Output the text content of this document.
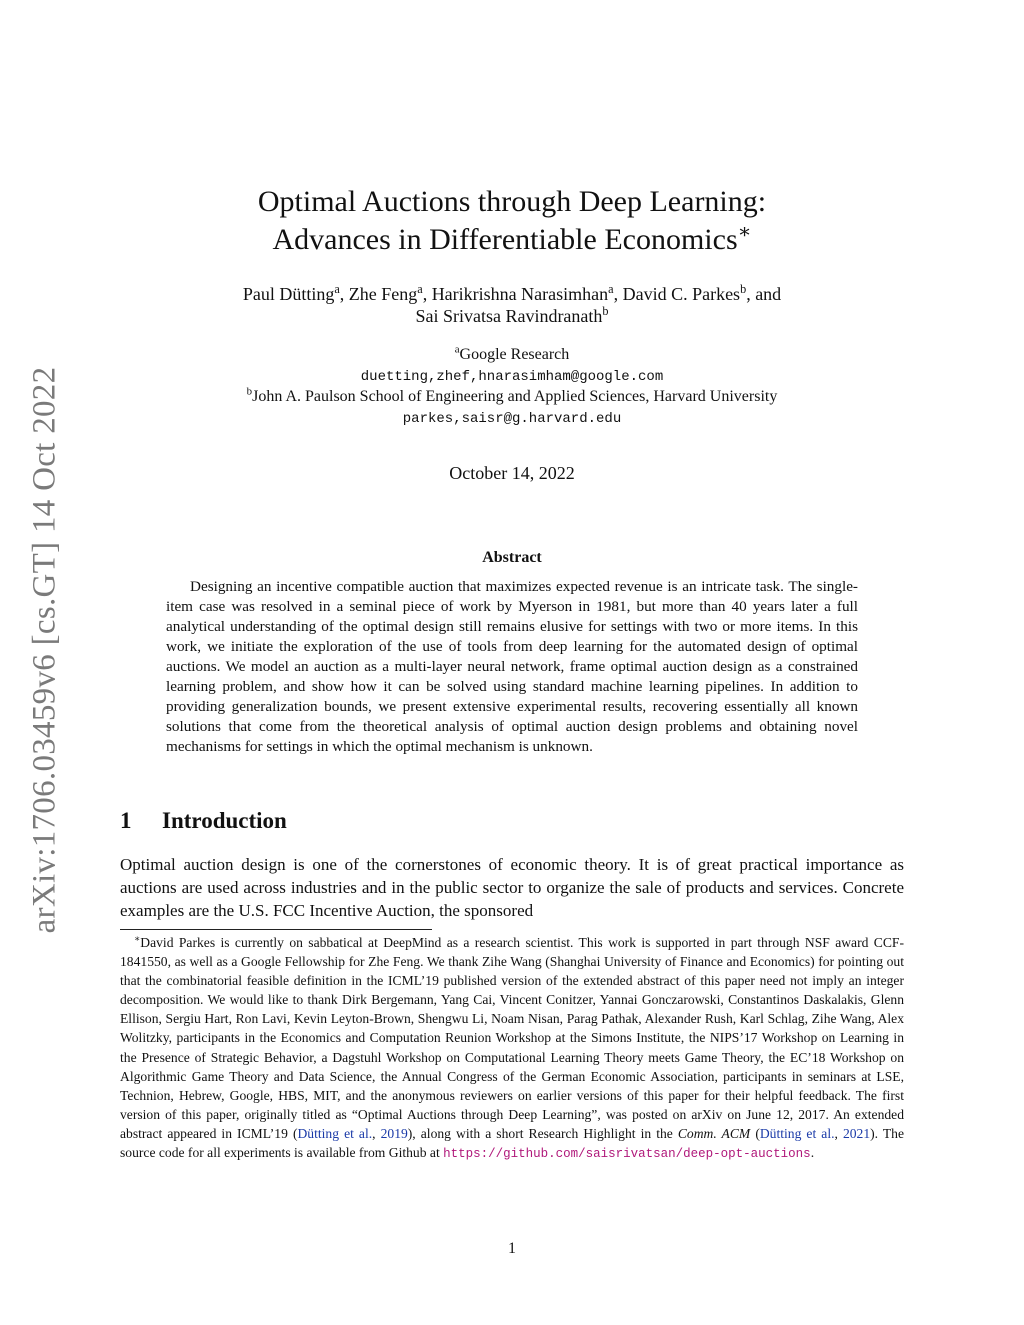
arXiv:1706.03459v6 [cs.GT] 14 Oct 2022
Optimal Auctions through Deep Learning:
Advances in Differentiable Economics∗
Paul Dütting$^a$, Zhe Feng$^a$, Harikrishna Narasimhan$^a$, David C. Parkes$^b$, and
Sai Srivatsa Ravindranath$^b$
$^a$Google Research
duetting,zhef,hnarasimham@google.com
$^b$John A. Paulson School of Engineering and Applied Sciences, Harvard University
parkes,saisr@g.harvard.edu
October 14, 2022
Abstract

Designing an incentive compatible auction that maximizes expected revenue is an intricate task. The single-item case was resolved in a seminal piece of work by Myerson in 1981, but more than 40 years later a full analytical understanding of the optimal design still remains elusive for settings with two or more items. In this work, we initiate the exploration of the use of tools from deep learning for the automated design of optimal auctions. We model an auction as a multi-layer neural network, frame optimal auction design as a constrained learning problem, and show how it can be solved using standard machine learning pipelines. In addition to providing generalization bounds, we present extensive experimental results, recovering essentially all known solutions that come from the theoretical analysis of optimal auction design problems and obtaining novel mechanisms for settings in which the optimal mechanism is unknown.

1 Introduction

Optimal auction design is one of the cornerstones of economic theory. It is of great practical importance as auctions are used across industries and in the public sector to organize the sale of products and services. Concrete examples are the U.S. FCC Incentive Auction, the sponsored

∗David Parkes is currently on sabbatical at DeepMind as a research scientist. This work is supported in part through NSF award CCF-1841550, as well as a Google Fellowship for Zhe Feng. We thank Zihe Wang (Shanghai University of Finance and Economics) for pointing out that the combinatorial feasible definition in the ICML’19 published version of the extended abstract of this paper need not imply an integer decomposition. We would like to thank Dirk Bergemann, Yang Cai, Vincent Conitzer, Yannai Gonczarowski, Constantinos Daskalakis, Glenn Ellison, Sergiu Hart, Ron Lavi, Kevin Leyton-Brown, Shengwu Li, Noam Nisan, Parag Pathak, Alexander Rush, Karl Schlag, Zihe Wang, Alex Wolitzky, participants in the Economics and Computation Reunion Workshop at the Simons Institute, the NIPS’17 Workshop on Learning in the Presence of Strategic Behavior, a Dagstuhl Workshop on Computational Learning Theory meets Game Theory, the EC’18 Workshop on Algorithmic Game Theory and Data Science, the Annual Congress of the German Economic Association, participants in seminars at LSE, Technion, Hebrew, Google, HBS, MIT, and the anonymous reviewers on earlier versions of this paper for their helpful feedback. The first version of this paper, originally titled as “Optimal Auctions through Deep Learning”, was posted on arXiv on June 12, 2017. An extended abstract appeared in ICML’19 (Dütting et al., 2019), along with a short Research Highlight in the Comm. ACM (Dütting et al., 2021). The source code for all experiments is available from Github at https://github.com/saisrivatsan/deep-opt-auctions.

1
